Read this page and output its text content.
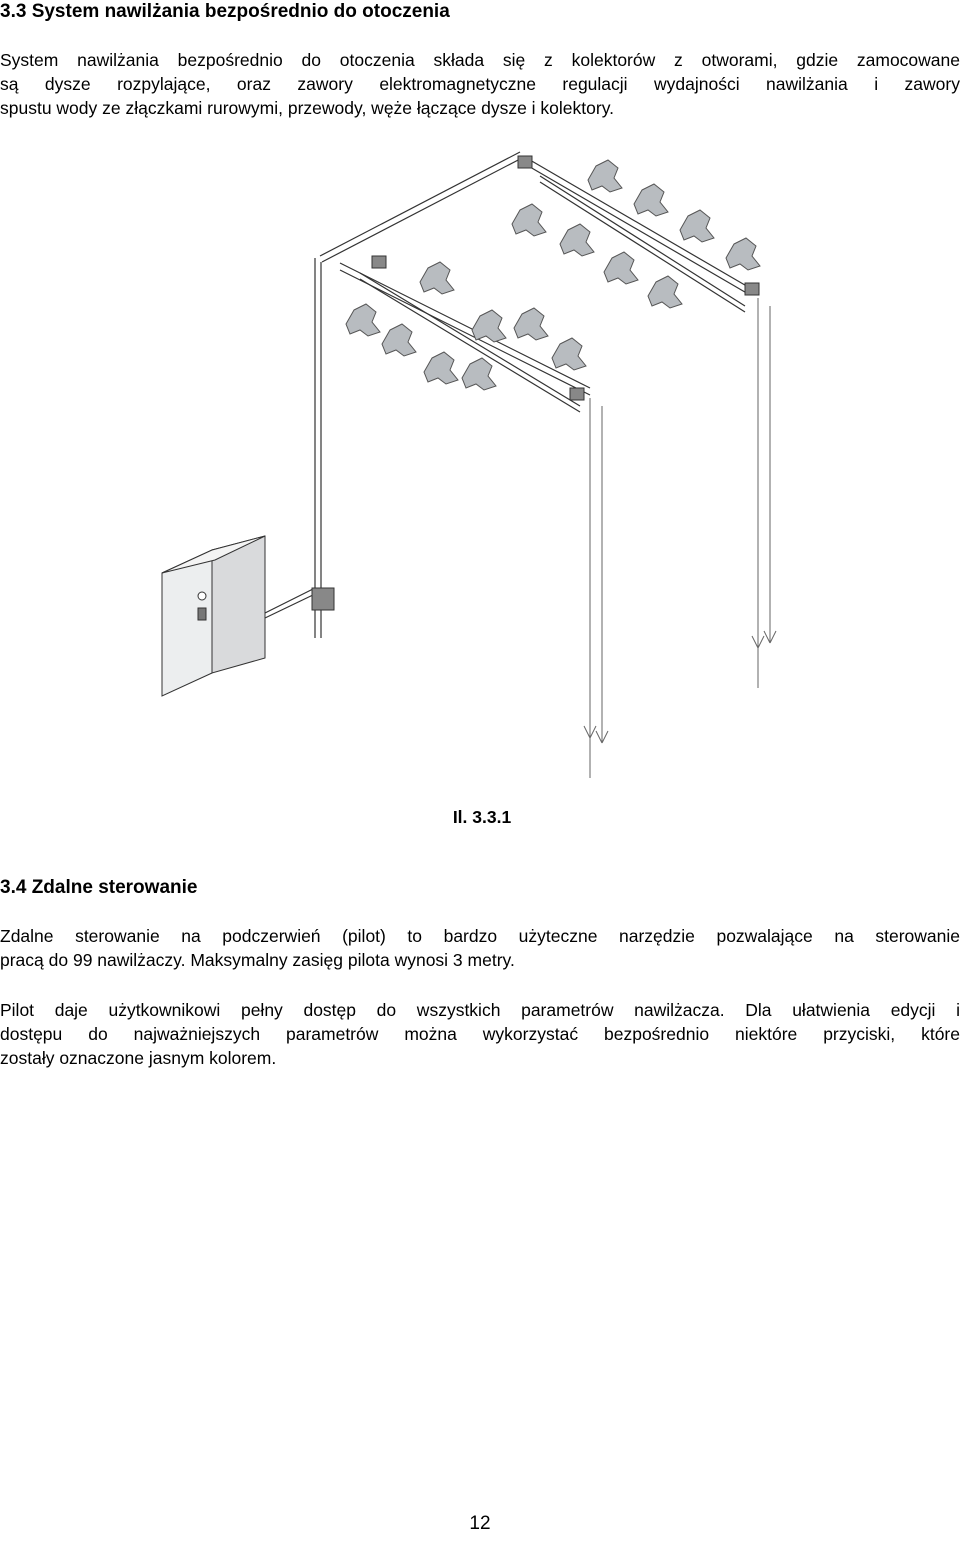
3.3 System nawilżania bezpośrednio do otoczenia

System nawilżania bezpośrednio do otoczenia składa się z kolektorów z otworami, gdzie zamocowane
są dysze rozpylające, oraz zawory elektromagnetyczne regulacji wydajności nawilżania i zawory
spustu wody ze złączkami rurowymi, przewody, węże łączące dysze i kolektory.

Il. 3.3.1
3.4 Zdalne sterowanie

Zdalne sterowanie na podczerwień (pilot) to bardzo użyteczne narzędzie pozwalające na sterowanie
pracą do 99 nawilżaczy. Maksymalny zasięg pilota wynosi 3 metry.

Pilot daje użytkownikowi pełny dostęp do wszystkich parametrów nawilżacza. Dla ułatwienia edycji i
dostępu do najważniejszych parametrów można wykorzystać bezpośrednio niektóre przyciski, które
zostały oznaczone jasnym kolorem.

12
